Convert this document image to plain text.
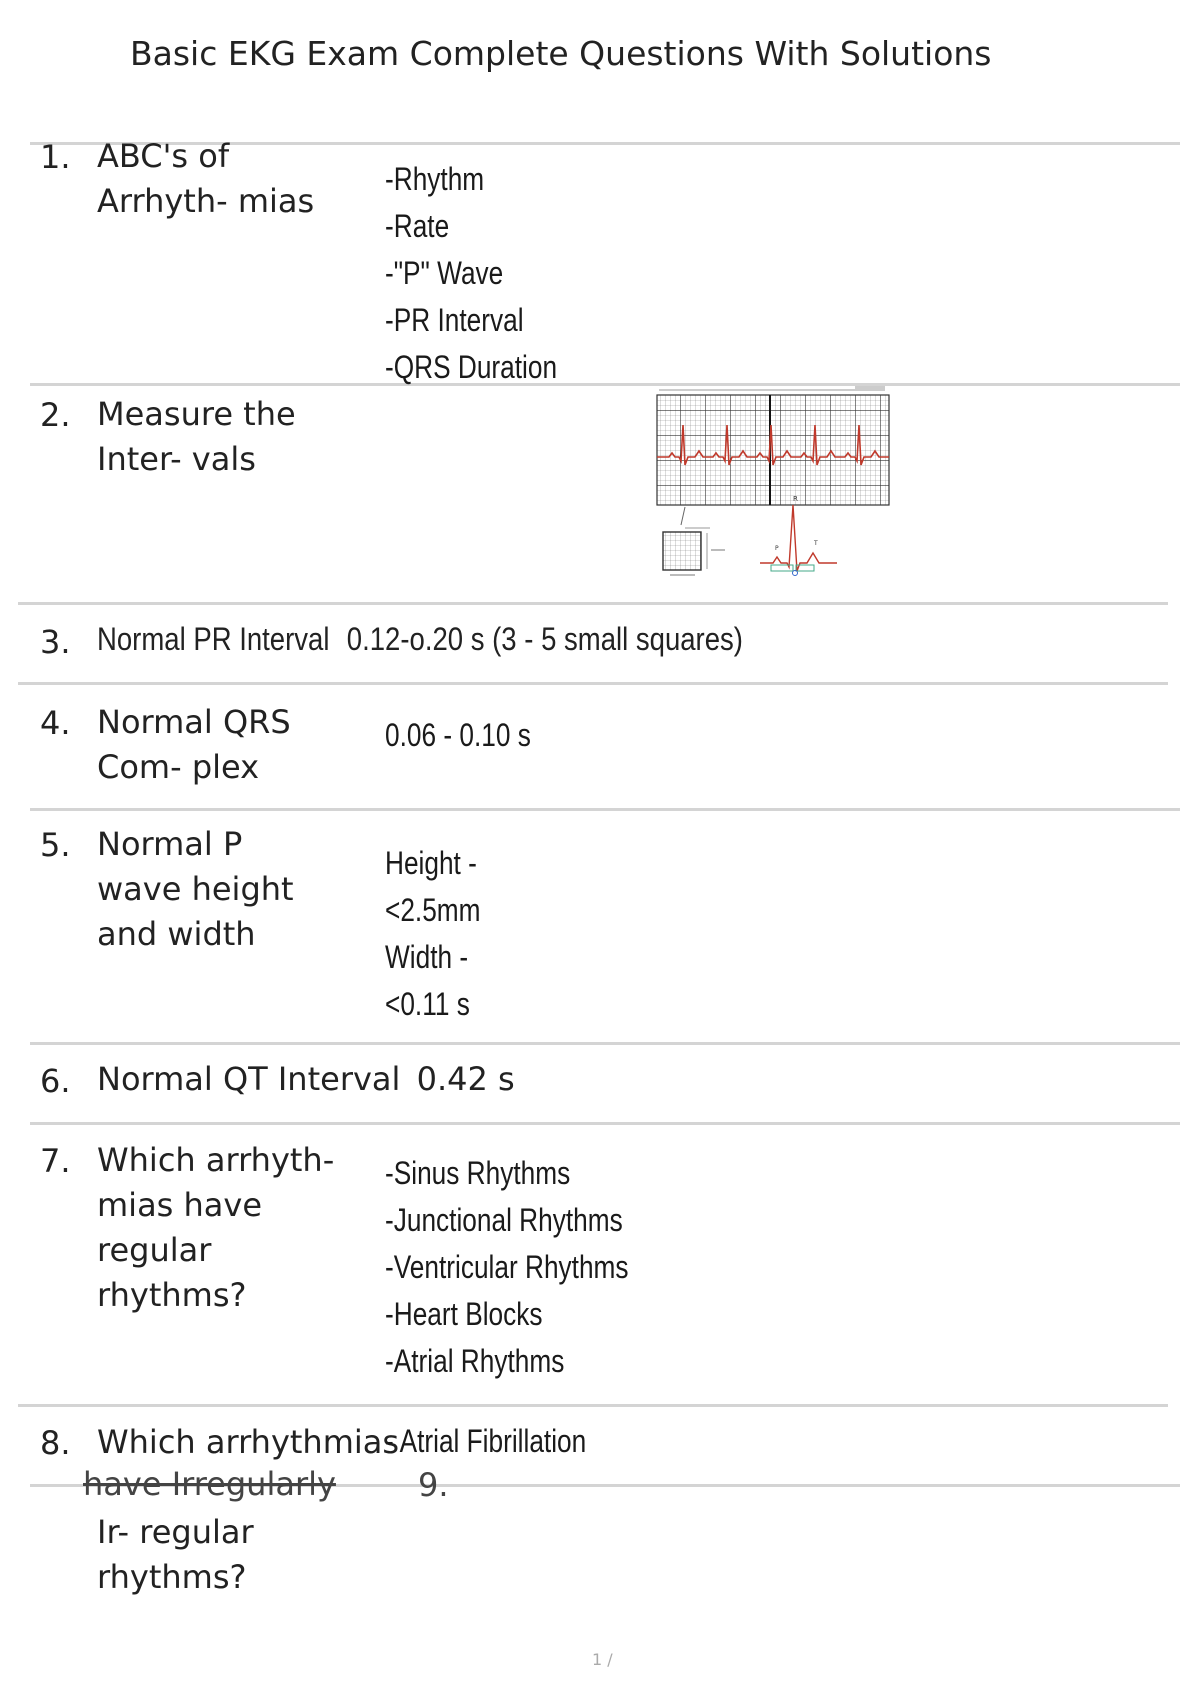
Basic EKG Exam Complete Questions With Solutions
1. ABC's of
Arrhyth- mias
-Rhythm
-Rate
-"P" Wave
-PR Interval
-QRS Duration
2. Measure the
Inter- vals
R
P
T
3. Normal PR Interval 0.12-o.20 s (3 - 5 small squares)
4. Normal QRS
Com- plex
0.06 - 0.10 s
5. Normal P
wave height
and width
Height -
<2.5mm
Width -
<0.11 s
6. Normal QT Interval 0.42 s
7. Which arrhyth-
mias have
regular
rhythms?
-Sinus Rhythms
-Junctional Rhythms
-Ventricular Rhythms
-Heart Blocks
-Atrial Rhythms
8. Which arrhythmias
- Atrial Fibrillation
have Irregularly	9.
Ir- regular
rhythms?
1 /
